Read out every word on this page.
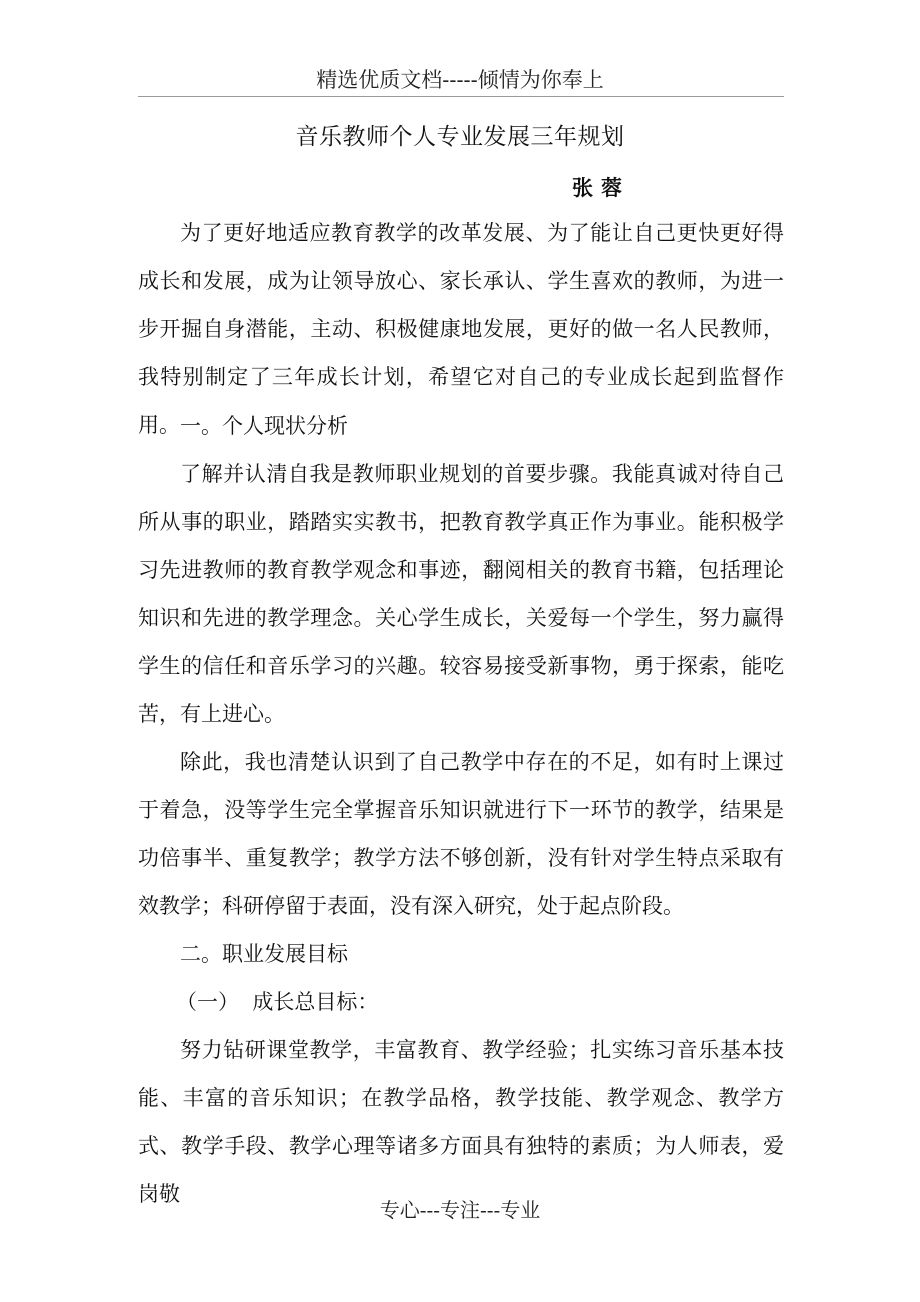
精选优质文档-----倾情为你奉上
音乐教师个人专业发展三年规划
张蓉

为了更好地适应教育教学的改革发展、为了能让自己更快更好得成长和发展，成为让领导放心、家长承认、学生喜欢的教师，为进一步开掘自身潜能，主动、积极健康地发展，更好的做一名人民教师，我特别制定了三年成长计划，希望它对自己的专业成长起到监督作用。 一。个人现状分析

了解并认清自我是教师职业规划的首要步骤。我能真诚对待自己所从事的职业，踏踏实实教书，把教育教学真正作为事业。能积极学习先进教师的教育教学观念和事迹，翻阅相关的教育书籍，包括理论知识和先进的教学理念。关心学生成长，关爱每一个学生，努力赢得学生的信任和音乐学习的兴趣。较容易接受新事物，勇于探索，能吃苦，有上进心。

除此，我也清楚认识到了自己教学中存在的不足，如有时上课过于着急，没等学生完全掌握音乐知识就进行下一环节的教学，结果是功倍事半、重复教学；教学方法不够创新，没有针对学生特点采取有效教学；科研停留于表面，没有深入研究，处于起点阶段。

二。职业发展目标

（一）  成长总目标：

努力钻研课堂教学，丰富教育、教学经验；扎实练习音乐基本技能、丰富的音乐知识；在教学品格，教学技能、教学观念、教学方式、教学手段、教学心理等诸多方面具有独特的素质；为人师表，爱岗敬

专心---专注---专业
